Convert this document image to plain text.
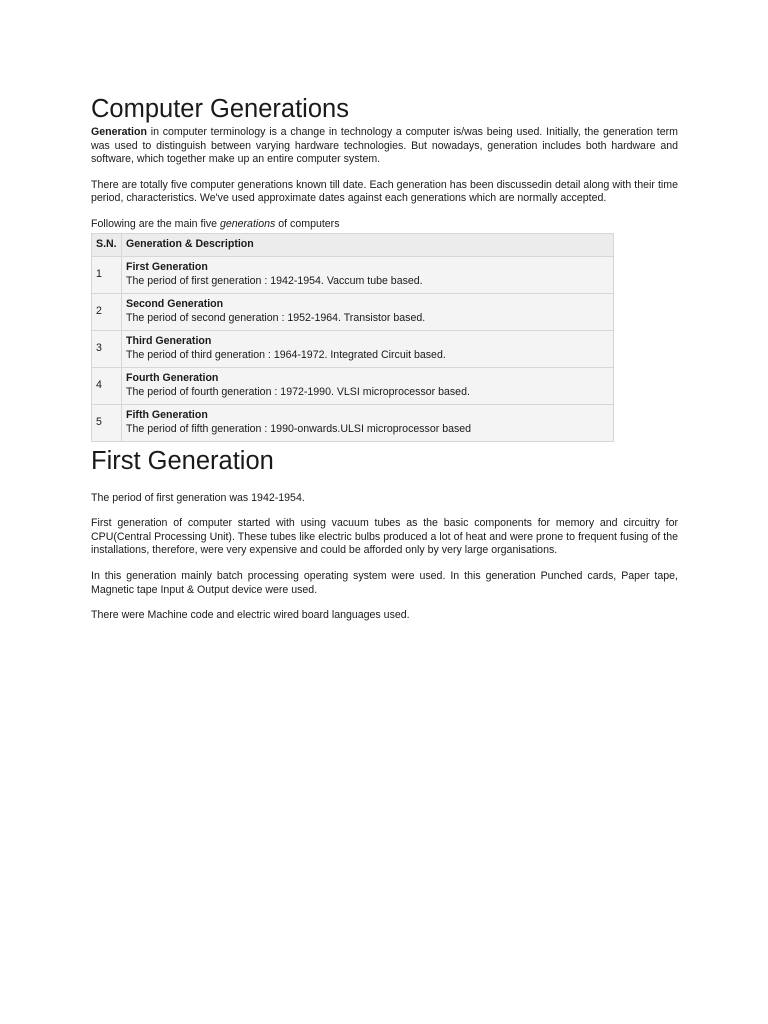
Computer Generations

Generation in computer terminology is a change in technology a computer is/was being used. Initially, the generation term was used to distinguish between varying hardware technologies. But nowadays, generation includes both hardware and software, which together make up an entire computer system.

There are totally five computer generations known till date. Each generation has been discussedin detail along with their time period, characteristics. We've used approximate dates against each generations which are normally accepted.

Following are the main five generations of computers

S.N.	Generation & Description
1	First Generation
The period of first generation : 1942-1954. Vaccum tube based.

2	Second Generation
The period of second generation : 1952-1964. Transistor based.

3	Third Generation
The period of third generation : 1964-1972. Integrated Circuit based.

4	Fourth Generation
The period of fourth generation : 1972-1990. VLSI microprocessor based.

5	Fifth Generation
The period of fifth generation : 1990-onwards.ULSI microprocessor based
First Generation

The period of first generation was 1942-1954.

First generation of computer started with using vacuum tubes as the basic components for memory and circuitry for CPU(Central Processing Unit). These tubes like electric bulbs produced a lot of heat and were prone to frequent fusing of the installations, therefore, were very expensive and could be afforded only by very large organisations.

In this generation mainly batch processing operating system were used. In this generation Punched cards, Paper tape, Magnetic tape Input & Output device were used.

There were Machine code and electric wired board languages used.
